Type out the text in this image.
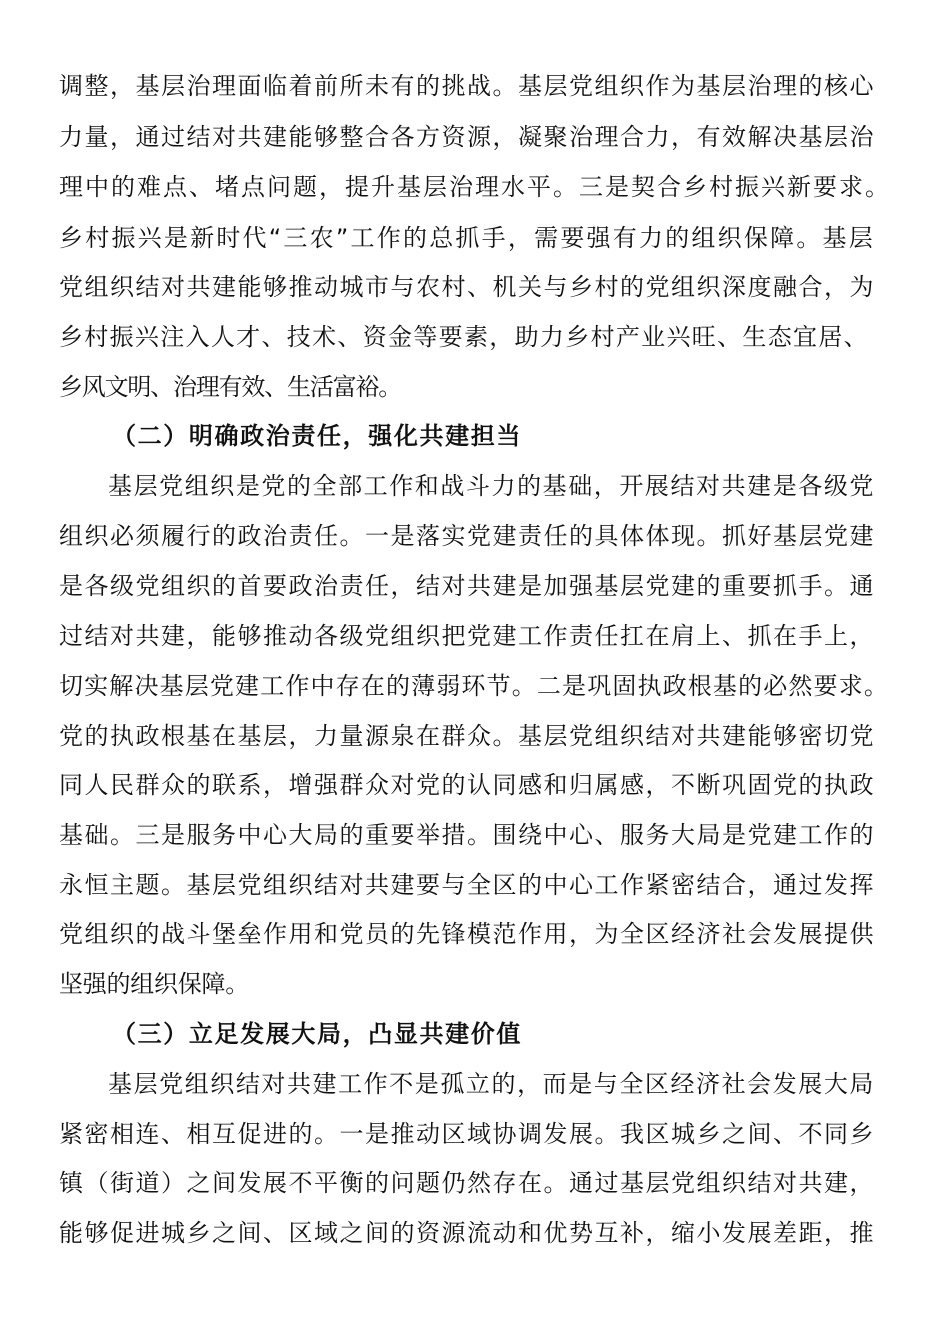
调整，基层治理面临着前所未有的挑战。基层党组织作为基层治理的核心

力量，通过结对共建能够整合各方资源，凝聚治理合力，有效解决基层治

理中的难点、堵点问题，提升基层治理水平。三是契合乡村振兴新要求。

乡村振兴是新时代“三农”工作的总抓手，需要强有力的组织保障。基层

党组织结对共建能够推动城市与农村、机关与乡村的党组织深度融合，为

乡村振兴注入人才、技术、资金等要素，助力乡村产业兴旺、生态宜居、

乡风文明、治理有效、生活富裕。

（二）明确政治责任，强化共建担当

基层党组织是党的全部工作和战斗力的基础，开展结对共建是各级党

组织必须履行的政治责任。一是落实党建责任的具体体现。抓好基层党建

是各级党组织的首要政治责任，结对共建是加强基层党建的重要抓手。通

过结对共建，能够推动各级党组织把党建工作责任扛在肩上、抓在手上，

切实解决基层党建工作中存在的薄弱环节。二是巩固执政根基的必然要求。

党的执政根基在基层，力量源泉在群众。基层党组织结对共建能够密切党

同人民群众的联系，增强群众对党的认同感和归属感，不断巩固党的执政

基础。三是服务中心大局的重要举措。围绕中心、服务大局是党建工作的

永恒主题。基层党组织结对共建要与全区的中心工作紧密结合，通过发挥

党组织的战斗堡垒作用和党员的先锋模范作用，为全区经济社会发展提供

坚强的组织保障。

（三）立足发展大局，凸显共建价值

基层党组织结对共建工作不是孤立的，而是与全区经济社会发展大局

紧密相连、相互促进的。一是推动区域协调发展。我区城乡之间、不同乡

镇（街道）之间发展不平衡的问题仍然存在。通过基层党组织结对共建，

能够促进城乡之间、区域之间的资源流动和优势互补，缩小发展差距，推
